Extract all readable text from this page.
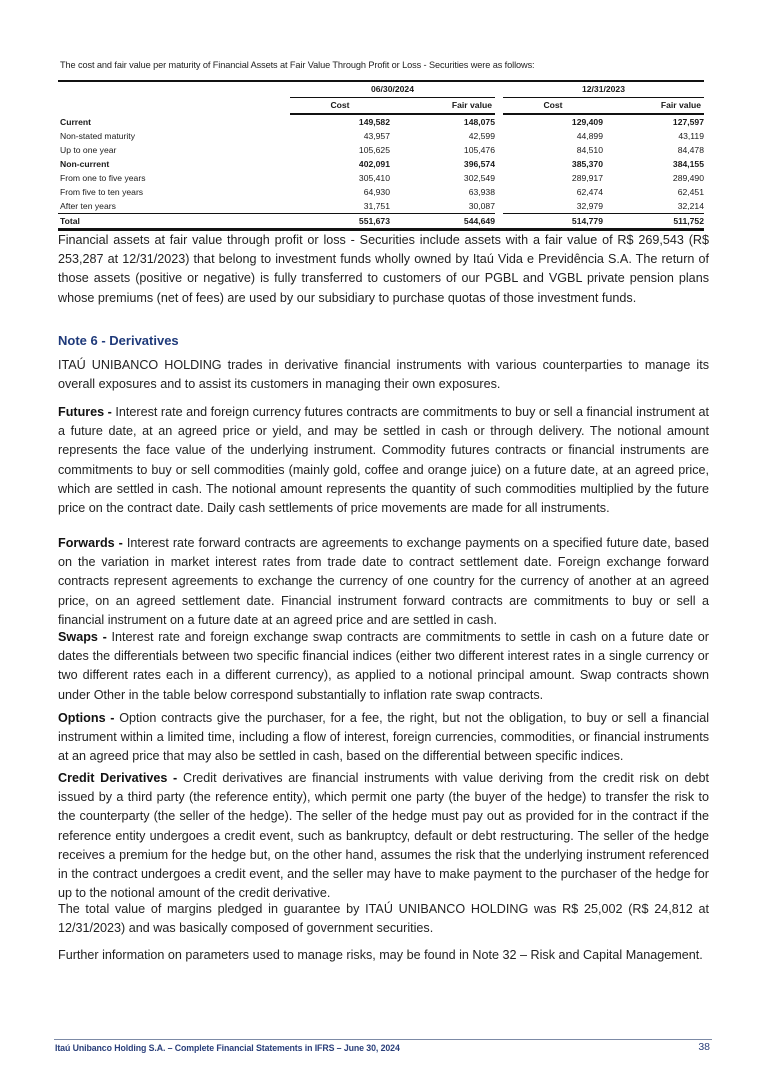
The cost and fair value per maturity of Financial Assets at Fair Value Through Profit or Loss - Securities were as follows:

	06/30/2024			12/31/2023	
	Cost	Fair value		Cost	Fair value
Current	149,582	148,075		129,409	127,597
Non-stated maturity	43,957	42,599		44,899	43,119
Up to one year	105,625	105,476		84,510	84,478
Non-current	402,091	396,574		385,370	384,155
From one to five years	305,410	302,549		289,917	289,490
From five to ten years	64,930	63,938		62,474	62,451
After ten years	31,751	30,087		32,979	32,214
Total	551,673	544,649		514,779	511,752

Financial assets at fair value through profit or loss - Securities include assets with a fair value of R$ 269,543 (R$ 253,287 at 12/31/2023) that belong to investment funds wholly owned by Itaú Vida e Previdência S.A. The return of those assets (positive or negative) is fully transferred to customers of our PGBL and VGBL private pension plans whose premiums (net of fees) are used by our subsidiary to purchase quotas of those investment funds.

Note 6 - Derivatives

ITAÚ UNIBANCO HOLDING trades in derivative financial instruments with various counterparties to manage its overall exposures and to assist its customers in managing their own exposures.

Futures - Interest rate and foreign currency futures contracts are commitments to buy or sell a financial instrument at a future date, at an agreed price or yield, and may be settled in cash or through delivery. The notional amount represents the face value of the underlying instrument. Commodity futures contracts or financial instruments are commitments to buy or sell commodities (mainly gold, coffee and orange juice) on a future date, at an agreed price, which are settled in cash. The notional amount represents the quantity of such commodities multiplied by the future price on the contract date. Daily cash settlements of price movements are made for all instruments.

Forwards - Interest rate forward contracts are agreements to exchange payments on a specified future date, based on the variation in market interest rates from trade date to contract settlement date. Foreign exchange forward contracts represent agreements to exchange the currency of one country for the currency of another at an agreed price, on an agreed settlement date. Financial instrument forward contracts are commitments to buy or sell a financial instrument on a future date at an agreed price and are settled in cash.

Swaps - Interest rate and foreign exchange swap contracts are commitments to settle in cash on a future date or dates the differentials between two specific financial indices (either two different interest rates in a single currency or two different rates each in a different currency), as applied to a notional principal amount. Swap contracts shown under Other in the table below correspond substantially to inflation rate swap contracts.

Options - Option contracts give the purchaser, for a fee, the right, but not the obligation, to buy or sell a financial instrument within a limited time, including a flow of interest, foreign currencies, commodities, or financial instruments at an agreed price that may also be settled in cash, based on the differential between specific indices.

Credit Derivatives - Credit derivatives are financial instruments with value deriving from the credit risk on debt issued by a third party (the reference entity), which permit one party (the buyer of the hedge) to transfer the risk to the counterparty (the seller of the hedge). The seller of the hedge must pay out as provided for in the contract if the reference entity undergoes a credit event, such as bankruptcy, default or debt restructuring. The seller of the hedge receives a premium for the hedge but, on the other hand, assumes the risk that the underlying instrument referenced in the contract undergoes a credit event, and the seller may have to make payment to the purchaser of the hedge for up to the notional amount of the credit derivative.

The total value of margins pledged in guarantee by ITAÚ UNIBANCO HOLDING was R$ 25,002 (R$ 24,812 at 12/31/2023) and was basically composed of government securities.

Further information on parameters used to manage risks, may be found in Note 32 – Risk and Capital Management.

Itaú Unibanco Holding S.A. – Complete Financial Statements in IFRS – June 30, 2024	38
